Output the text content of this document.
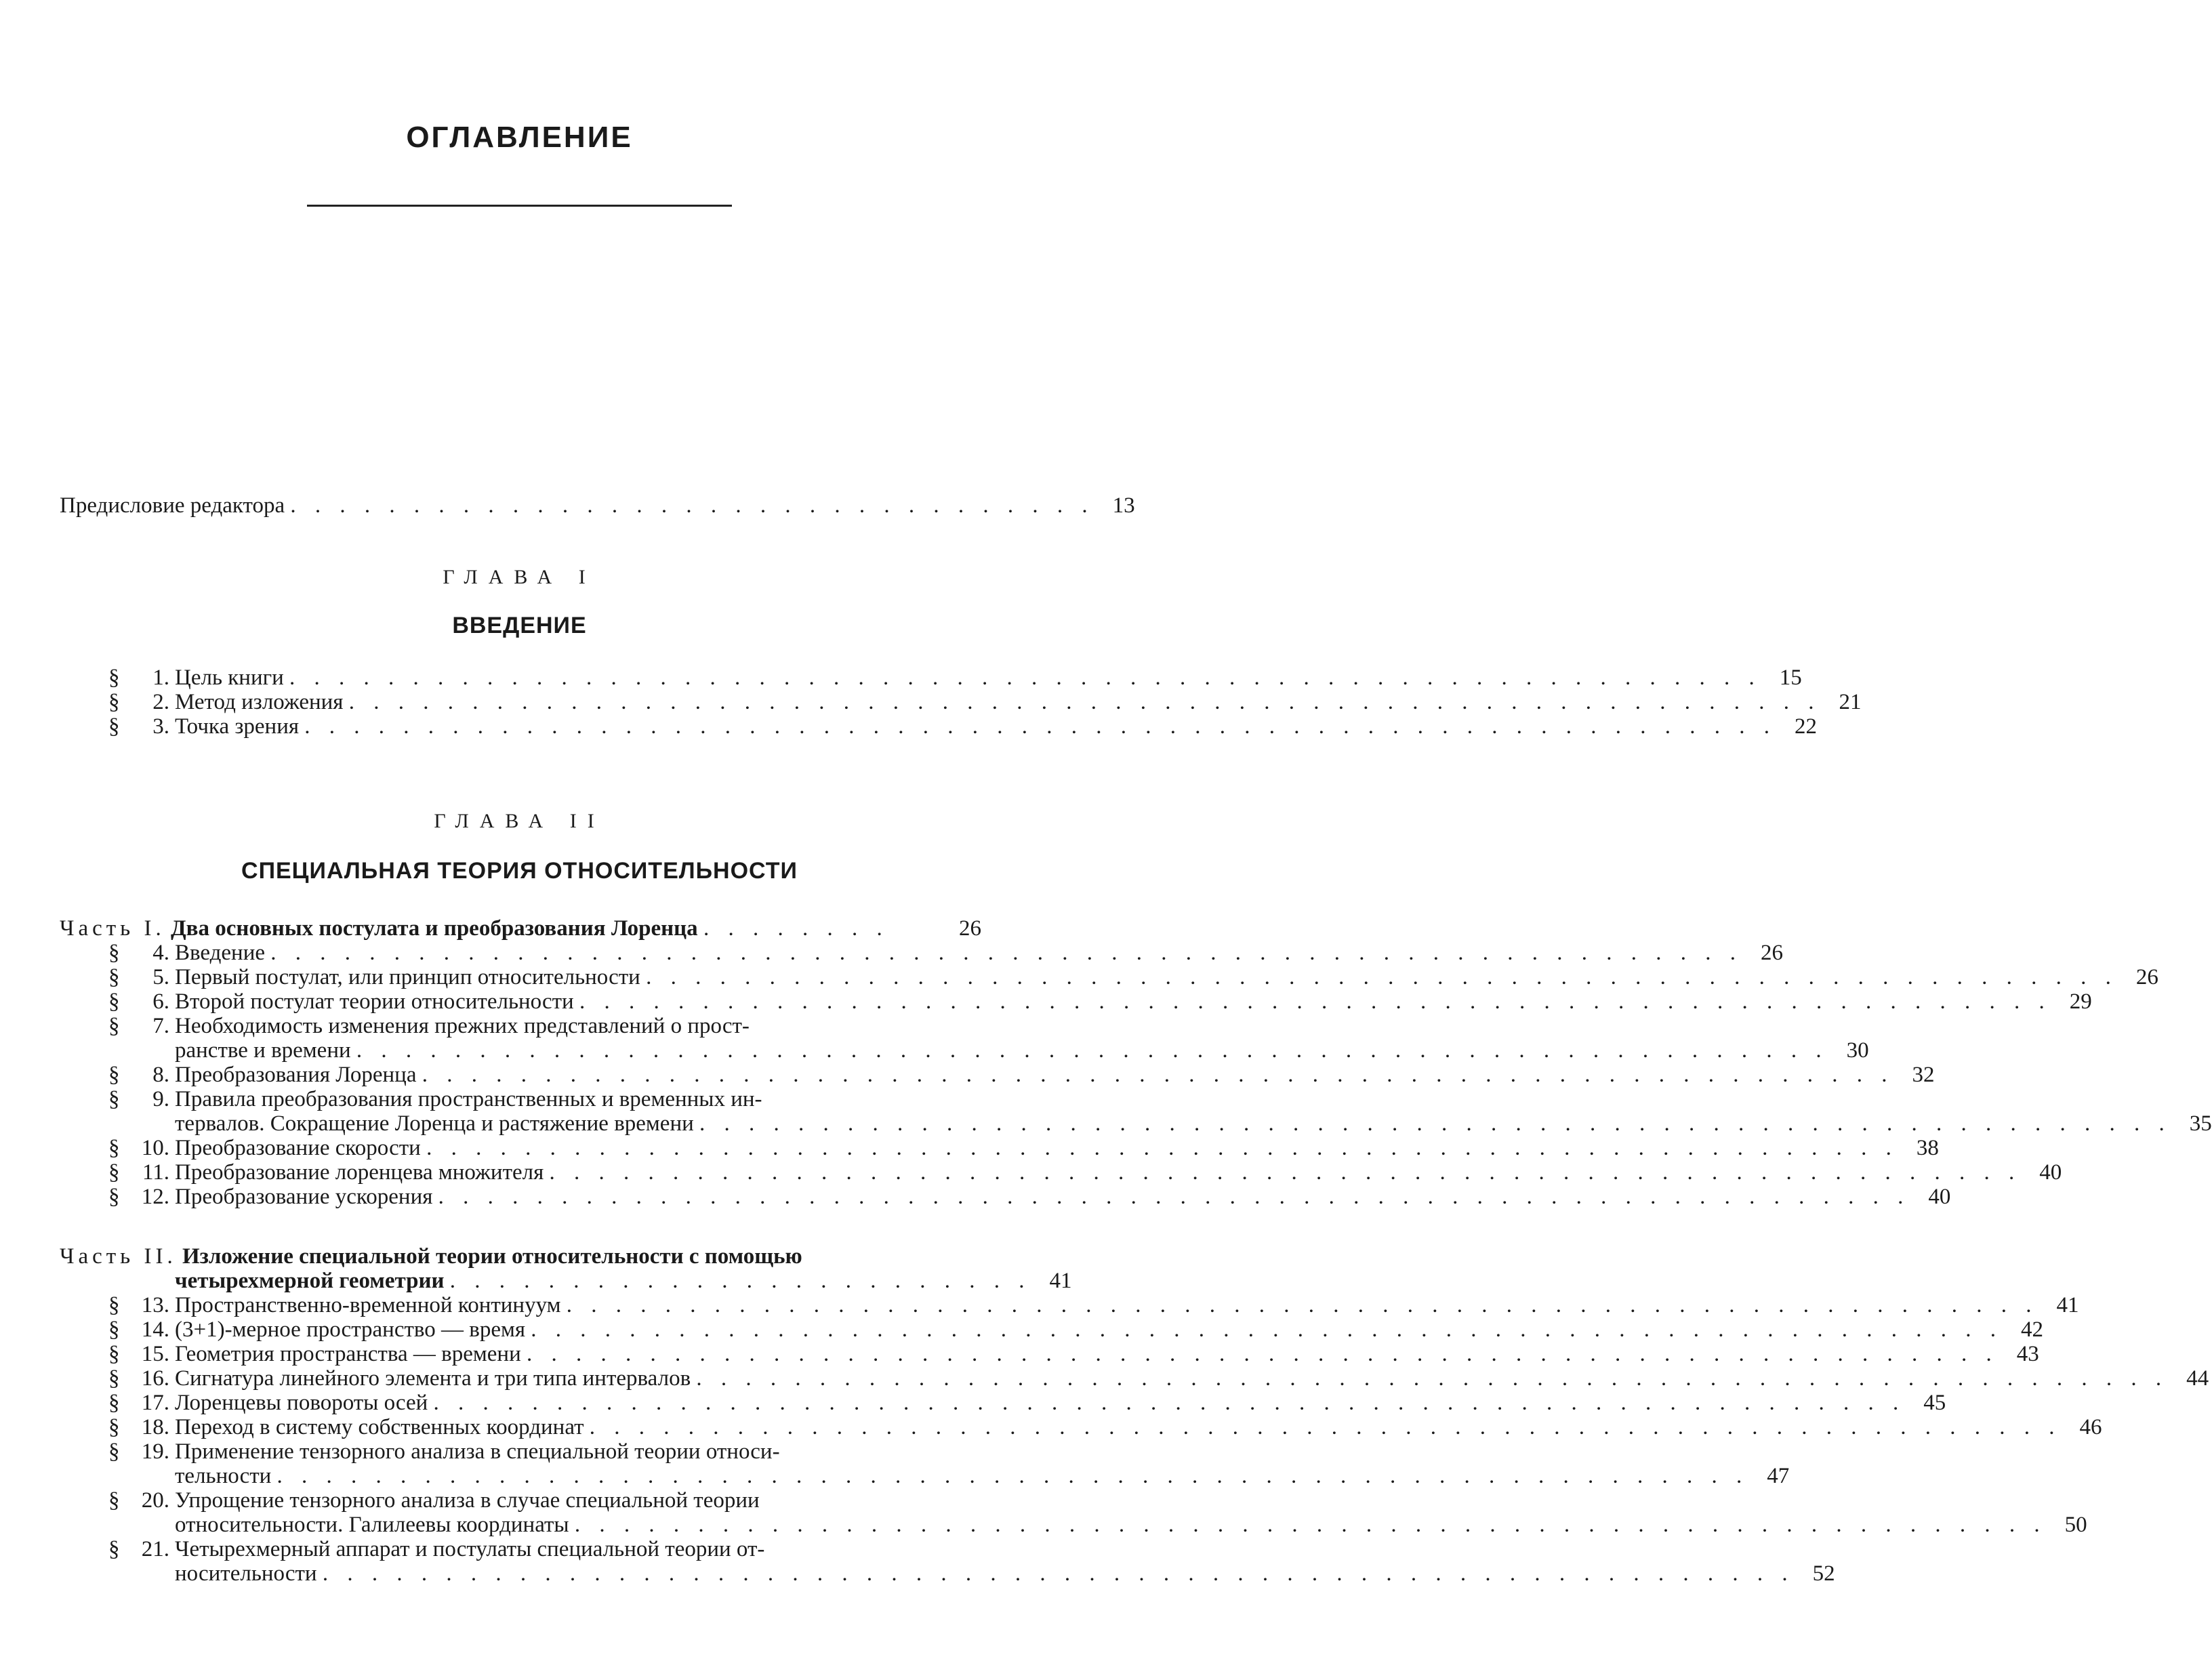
ОГЛАВЛЕНИЕ
Предисловие редактора . . . . . . . . . . . . . . . . . . . . . . . . . . . . . . . . . 13
ГЛАВА I
ВВЕДЕНИЕ
§	1. Цель книги . . . . . . . . . . . . . . . . . . . . . . . . . . . . . . . . . . . . . . . . . . . . . . . . . . . . . . . . . . . . 15
§	2. Метод изложения . . . . . . . . . . . . . . . . . . . . . . . . . . . . . . . . . . . . . . . . . . . . . . . . . . . . . . . . . . . . 21
§	3. Точка зрения . . . . . . . . . . . . . . . . . . . . . . . . . . . . . . . . . . . . . . . . . . . . . . . . . . . . . . . . . . . . 22
ГЛАВА II
СПЕЦИАЛЬНАЯ ТЕОРИЯ ОТНОСИТЕЛЬНОСТИ
Часть I. Два основных постулата и преобразования Лоренца . . . . . . . .	26
§	4. Введение . . . . . . . . . . . . . . . . . . . . . . . . . . . . . . . . . . . . . . . . . . . . . . . . . . . . . . . . . . . . 26
§	5. Первый постулат, или принцип относительности . . . . . . . . . . . . . . . . . . . . . . . . . . . . . . . . . . . . . . . . . . . . . . . . . . . . . . . . . . . . 26
§	6. Второй постулат теории относительности . . . . . . . . . . . . . . . . . . . . . . . . . . . . . . . . . . . . . . . . . . . . . . . . . . . . . . . . . . . . 29
§	7. Необходимость изменения прежних представлений о прост-
ранстве и времени . . . . . . . . . . . . . . . . . . . . . . . . . . . . . . . . . . . . . . . . . . . . . . . . . . . . . . . . . . . . 30
§	8. Преобразования Лоренца . . . . . . . . . . . . . . . . . . . . . . . . . . . . . . . . . . . . . . . . . . . . . . . . . . . . . . . . . . . . 32
§	9. Правила преобразования пространственных и временных ин-
тервалов. Сокращение Лоренца и растяжение времени . . . . . . . . . . . . . . . . . . . . . . . . . . . . . . . . . . . . . . . . . . . . . . . . . . . . . . . . . . . . 35
§ 10. Преобразование скорости . . . . . . . . . . . . . . . . . . . . . . . . . . . . . . . . . . . . . . . . . . . . . . . . . . . . . . . . . . . . 38
§	11. Преобразование лоренцева множителя . . . . . . . . . . . . . . . . . . . . . . . . . . . . . . . . . . . . . . . . . . . . . . . . . . . . . . . . . . . . 40
§ 12. Преобразование ускорения . . . . . . . . . . . . . . . . . . . . . . . . . . . . . . . . . . . . . . . . . . . . . . . . . . . . . . . . . . . . 40
Часть II. Изложение специальной теории относительности с помощью
четырехмерной геометрии . . . . . . . . . . . . . . . . . . . . . . . . 41
§ 13. Пространственно-временной континуум . . . . . . . . . . . . . . . . . . . . . . . . . . . . . . . . . . . . . . . . . . . . . . . . . . . . . . . . . . . . 41
§ 14. (3+1)-мерное пространство — время . . . . . . . . . . . . . . . . . . . . . . . . . . . . . . . . . . . . . . . . . . . . . . . . . . . . . . . . . . . . 42
§ 15. Геометрия пространства — времени . . . . . . . . . . . . . . . . . . . . . . . . . . . . . . . . . . . . . . . . . . . . . . . . . . . . . . . . . . . . 43
§ 16. Сигнатура линейного элемента и три типа интервалов . . . . . . . . . . . . . . . . . . . . . . . . . . . . . . . . . . . . . . . . . . . . . . . . . . . . . . . . . . . . 44
§ 17. Лоренцевы повороты осей . . . . . . . . . . . . . . . . . . . . . . . . . . . . . . . . . . . . . . . . . . . . . . . . . . . . . . . . . . . . 45
§ 18. Переход в систему собственных координат . . . . . . . . . . . . . . . . . . . . . . . . . . . . . . . . . . . . . . . . . . . . . . . . . . . . . . . . . . . . 46
§ 19. Применение тензорного анализа в специальной теории относи-
тельности . . . . . . . . . . . . . . . . . . . . . . . . . . . . . . . . . . . . . . . . . . . . . . . . . . . . . . . . . . . . 47
§ 20. Упрощение тензорного анализа в случае специальной теории
относительности. Галилеевы координаты . . . . . . . . . . . . . . . . . . . . . . . . . . . . . . . . . . . . . . . . . . . . . . . . . . . . . . . . . . . . 50
§ 21. Четырехмерный аппарат и постулаты специальной теории от-
носительности . . . . . . . . . . . . . . . . . . . . . . . . . . . . . . . . . . . . . . . . . . . . . . . . . . . . . . . . . . . . 52
